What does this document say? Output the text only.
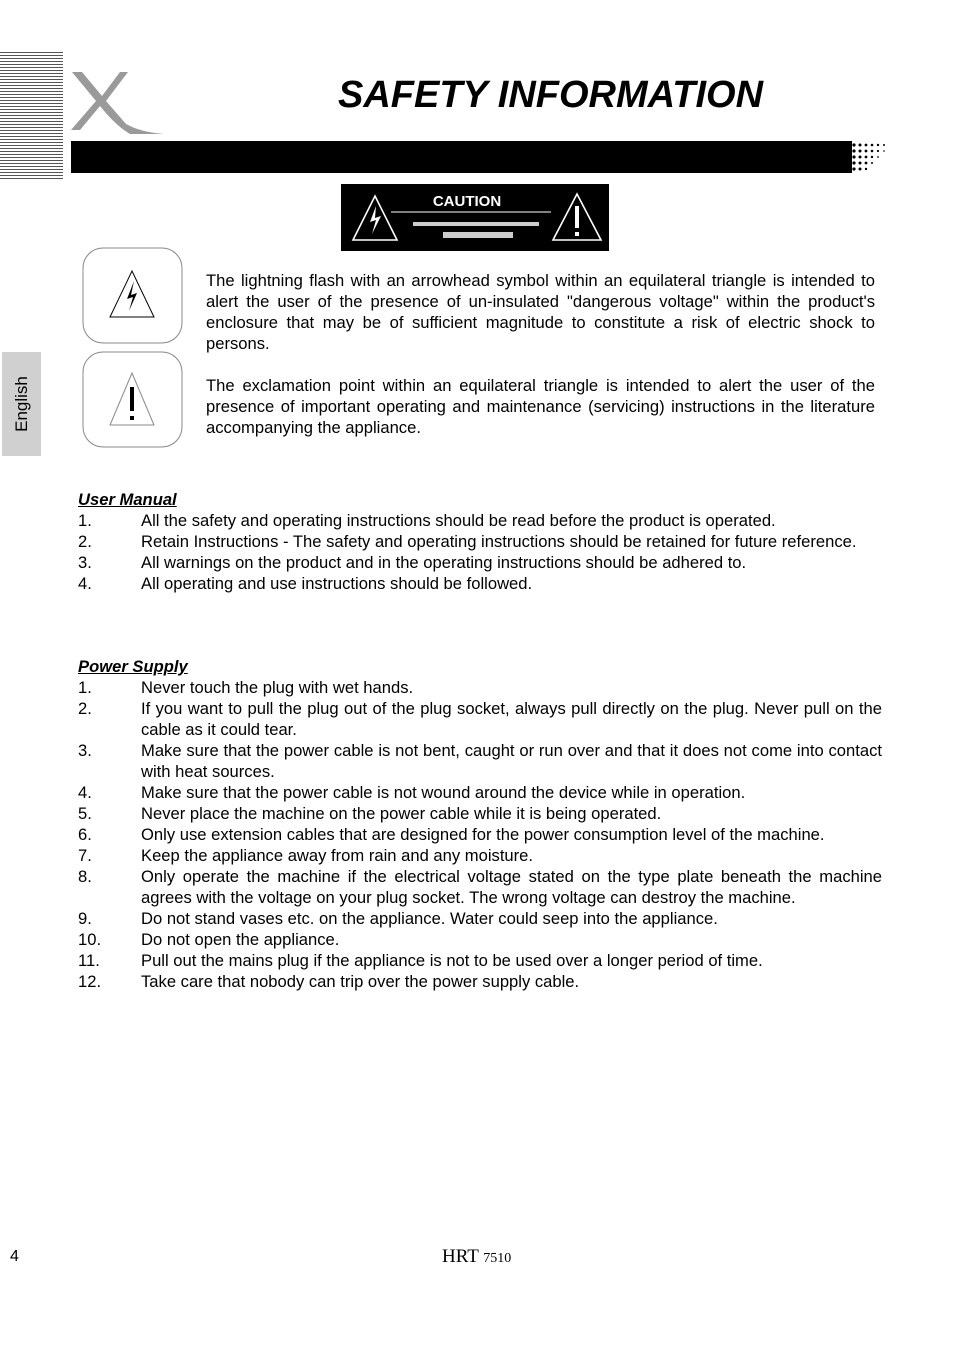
SAFETY INFORMATION
English
CAUTION

The lightning flash with an arrowhead symbol within an equilateral triangle is intended to alert the user of the presence of un-insulated "dangerous voltage" within the product's enclosure that may be of sufficient magnitude to constitute a risk of electric shock to persons.

The exclamation point within an equilateral triangle is intended to alert the user of the presence of important operating and maintenance (servicing) instructions in the literature accompanying the appliance.

User Manual
1.	All the safety and operating instructions should be read before the product is operated.
2.	Retain Instructions - The safety and operating instructions should be retained for future reference.
3.	All warnings on the product and in the operating instructions should be adhered to.
4.	All operating and use instructions should be followed.
Power Supply
1.	Never touch the plug with wet hands.
2.	If you want to pull the plug out of the plug socket, always pull directly on the plug. Never pull on the cable as it could tear.
3.	Make sure that the power cable is not bent, caught or run over and that it does not come into contact with heat sources.
4.	Make sure that the power cable is not wound around the device while in operation.
5.	Never place the machine on the power cable while it is being operated.
6.	Only use extension cables that are designed for the power consumption level of the machine.
7.	Keep the appliance away from rain and any moisture.
8.	Only operate the machine if the electrical voltage stated on the type plate beneath the machine agrees with the voltage on your plug socket. The wrong voltage can destroy the machine.
9.	Do not stand vases etc. on the appliance. Water could seep into the appliance.
10. Do not open the appliance.
11. Pull out the mains plug if the appliance is not to be used over a longer period of time.
12. Take care that nobody can trip over the power supply cable.
4	HRT 7510
